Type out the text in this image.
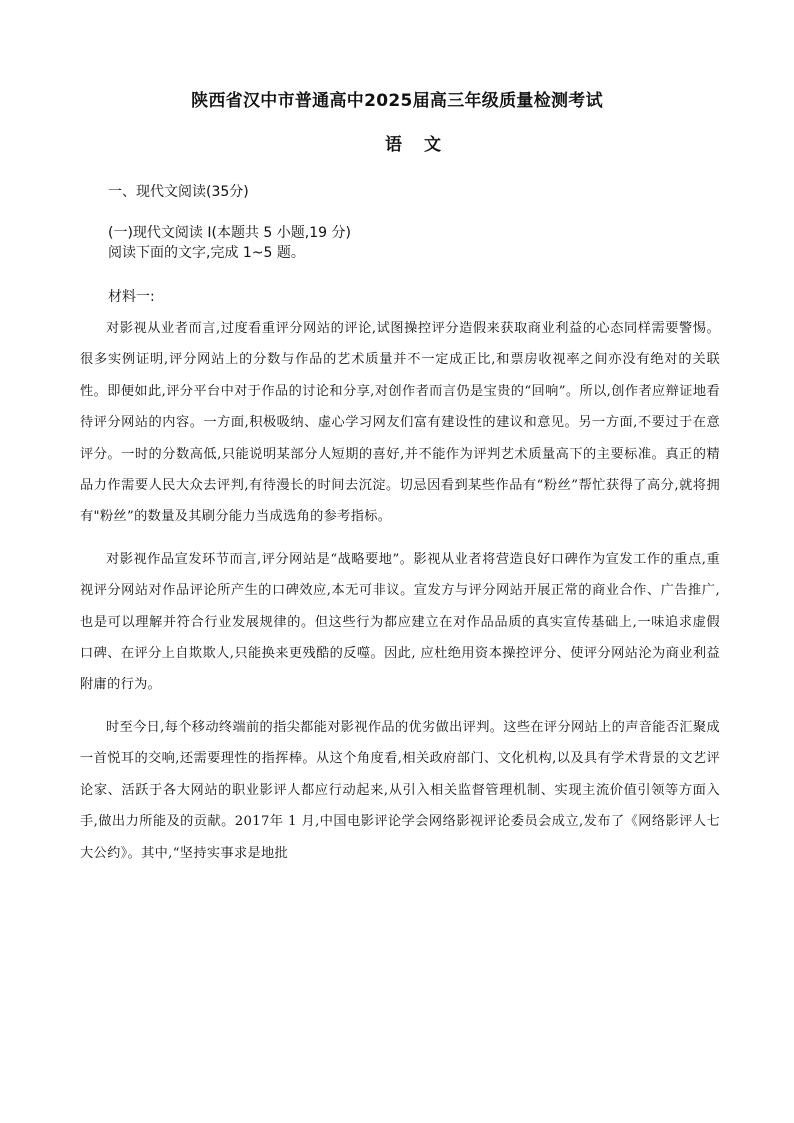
陕西省汉中市普通高中2025届高三年级质量检测考试
语 文
一、现代文阅读(35分)
(一)现代文阅读 I(本题共 5 小题,19 分)
阅读下面的文字,完成 1~5 题。
材料一:

对影视从业者而言,过度看重评分网站的评论,试图操控评分造假来获取商业利益的心态同样需要警惕。很多实例证明,评分网站上的分数与作品的艺术质量并不一定成正比,和票房收视率之间亦没有绝对的关联性。即便如此,评分平台中对于作品的讨论和分享,对创作者而言仍是宝贵的“回响”。所以,创作者应辩证地看待评分网站的内容。一方面,积极吸纳、虚心学习网友们富有建设性的建议和意见。另一方面,不要过于在意评分。一时的分数高低,只能说明某部分人短期的喜好,并不能作为评判艺术质量高下的主要标准。真正的精品力作需要人民大众去评判,有待漫长的时间去沉淀。切忌因看到某些作品有“粉丝”帮忙获得了高分,就将拥有"粉丝”的数量及其刷分能力当成选角的参考指标。

对影视作品宣发环节而言,评分网站是“战略要地”。影视从业者将营造良好口碑作为宣发工作的重点,重视评分网站对作品评论所产生的口碑效应,本无可非议。宣发方与评分网站开展正常的商业合作、广告推广,也是可以理解并符合行业发展规律的。但这些行为都应建立在对作品品质的真实宣传基础上,一味追求虚假口碑、在评分上自欺欺人,只能换来更残酷的反噬。因此, 应杜绝用资本操控评分、使评分网站沦为商业利益附庸的行为。

时至今日,每个移动终端前的指尖都能对影视作品的优劣做出评判。这些在评分网站上的声音能否汇聚成一首悦耳的交响,还需要理性的指挥棒。从这个角度看,相关政府部门、文化机构,以及具有学术背景的文艺评论家、活跃于各大网站的职业影评人都应行动起来,从引入相关监督管理机制、实现主流价值引领等方面入手,做出力所能及的贡献。2017年 1 月,中国电影评论学会网络影视评论委员会成立,发布了《网络影评人七大公约》。其中,“坚持实事求是地批
